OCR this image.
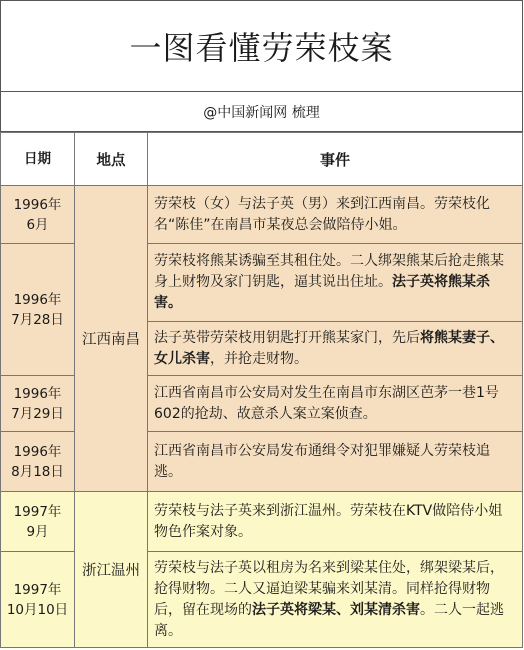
一图看懂劳荣枝案
@中国新闻网 梳理
日期	地点	事件

1996年
6月	江西南昌	劳荣枝（女）与法子英（男）来到江西南昌。劳荣枝化名“陈佳”在南昌市某夜总会做陪侍小姐。

1996年
7月28日		劳荣枝将熊某诱骗至其租住处。二人绑架熊某后抢走熊某身上财物及家门钥匙，逼其说出住址。法子英将熊某杀害。
		法子英带劳荣枝用钥匙打开熊某家门，先后将熊某妻子、女儿杀害，并抢走财物。

1996年
7月29日		江西省南昌市公安局对发生在南昌市东湖区芭茅一巷1号602的抢劫、故意杀人案立案侦查。

1996年
8月18日		江西省南昌市公安局发布通缉令对犯罪嫌疑人劳荣枝追逃。

1997年
9月	浙江温州	劳荣枝与法子英来到浙江温州。劳荣枝在KTV做陪侍小姐物色作案对象。

1997年
10月10日		劳荣枝与法子英以租房为名来到梁某住处，绑架梁某后，抢得财物。二人又逼迫梁某骗来刘某清。同样抢得财物后，留在现场的法子英将梁某、刘某清杀害。二人一起逃离。
